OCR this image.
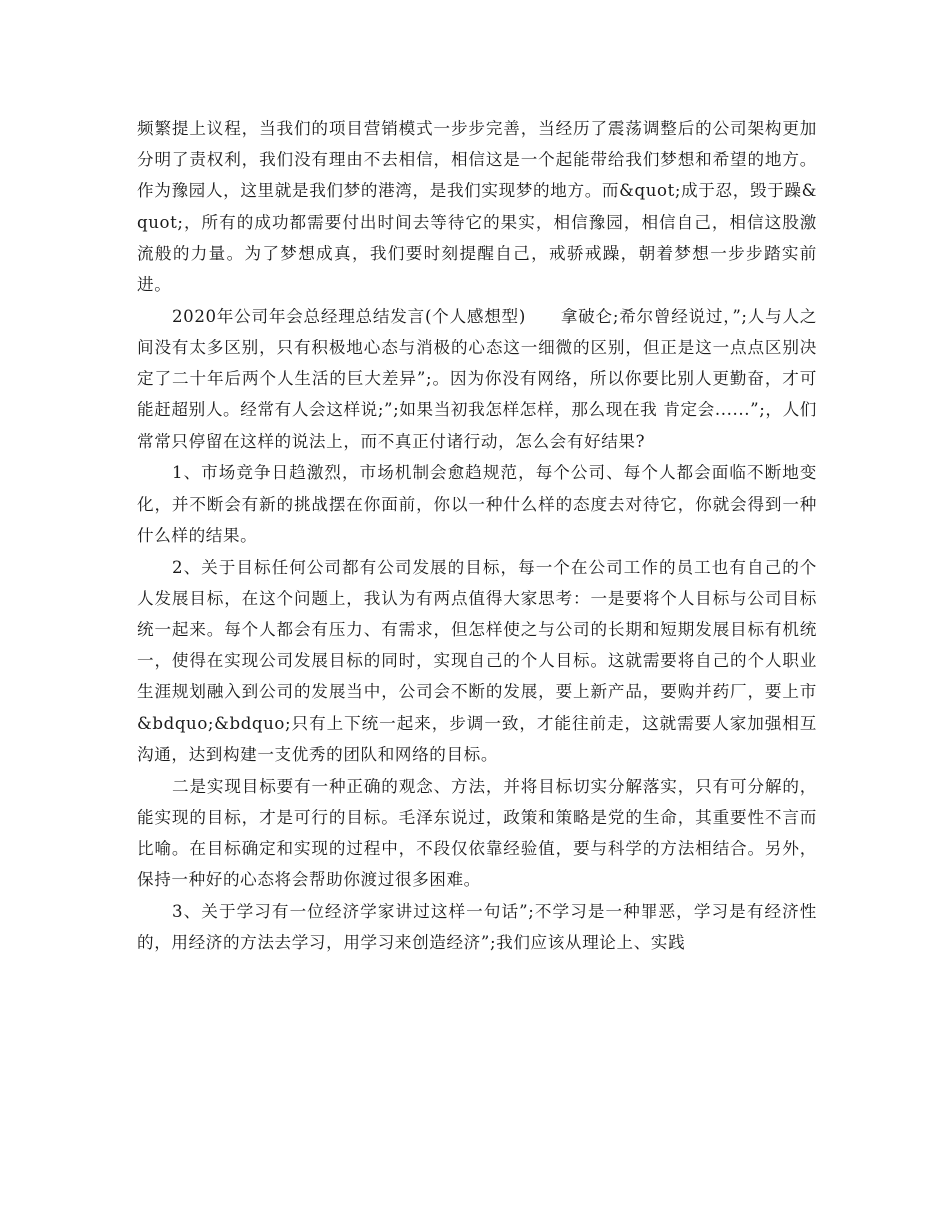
频繁提上议程，当我们的项目营销模式一步步完善，当经历了震荡调整后的公司架构更加分明了责权利，我们没有理由不去相信，相信这是一个起能带给我们梦想和希望的地方。作为豫园人，这里就是我们梦的港湾，是我们实现梦的地方。而&quot;成于忍，毁于躁&quot;，所有的成功都需要付出时间去等待它的果实，相信豫园，相信自己，相信这股激流般的力量。为了梦想成真，我们要时刻提醒自己，戒骄戒躁，朝着梦想一步步踏实前进。

2020年公司年会总经理总结发言(个人感想型)　　拿破仑;希尔曾经说过，”;人与人之间没有太多区别，只有积极地心态与消极的心态这一细微的区别，但正是这一点点区别决定了二十年后两个人生活的巨大差异”;。因为你没有网络，所以你要比别人更勤奋，才可能赶超别人。经常有人会这样说;”;如果当初我怎样怎样，那么现在我 肯定会......”;，人们常常只停留在这样的说法上，而不真正付诸行动，怎么会有好结果?

1、市场竞争日趋激烈，市场机制会愈趋规范，每个公司、每个人都会面临不断地变化，并不断会有新的挑战摆在你面前，你以一种什么样的态度去对待它，你就会得到一种什么样的结果。

2、关于目标任何公司都有公司发展的目标，每一个在公司工作的员工也有自己的个人发展目标，在这个问题上，我认为有两点值得大家思考：一是要将个人目标与公司目标统一起来。每个人都会有压力、有需求，但怎样使之与公司的长期和短期发展目标有机统一，使得在实现公司发展目标的同时，实现自己的个人目标。这就需要将自己的个人职业生涯规划融入到公司的发展当中，公司会不断的发展，要上新产品，要购并药厂，要上市&bdquo;&bdquo;只有上下统一起来，步调一致，才能往前走，这就需要人家加强相互沟通，达到构建一支优秀的团队和网络的目标。

二是实现目标要有一种正确的观念、方法，并将目标切实分解落实，只有可分解的，能实现的目标，才是可行的目标。毛泽东说过，政策和策略是党的生命，其重要性不言而比喻。在目标确定和实现的过程中，不段仅依靠经验值，要与科学的方法相结合。另外，保持一种好的心态将会帮助你渡过很多困难。

3、关于学习有一位经济学家讲过这样一句话”;不学习是一种罪恶，学习是有经济性的，用经济的方法去学习，用学习来创造经济”;我们应该从理论上、实践
